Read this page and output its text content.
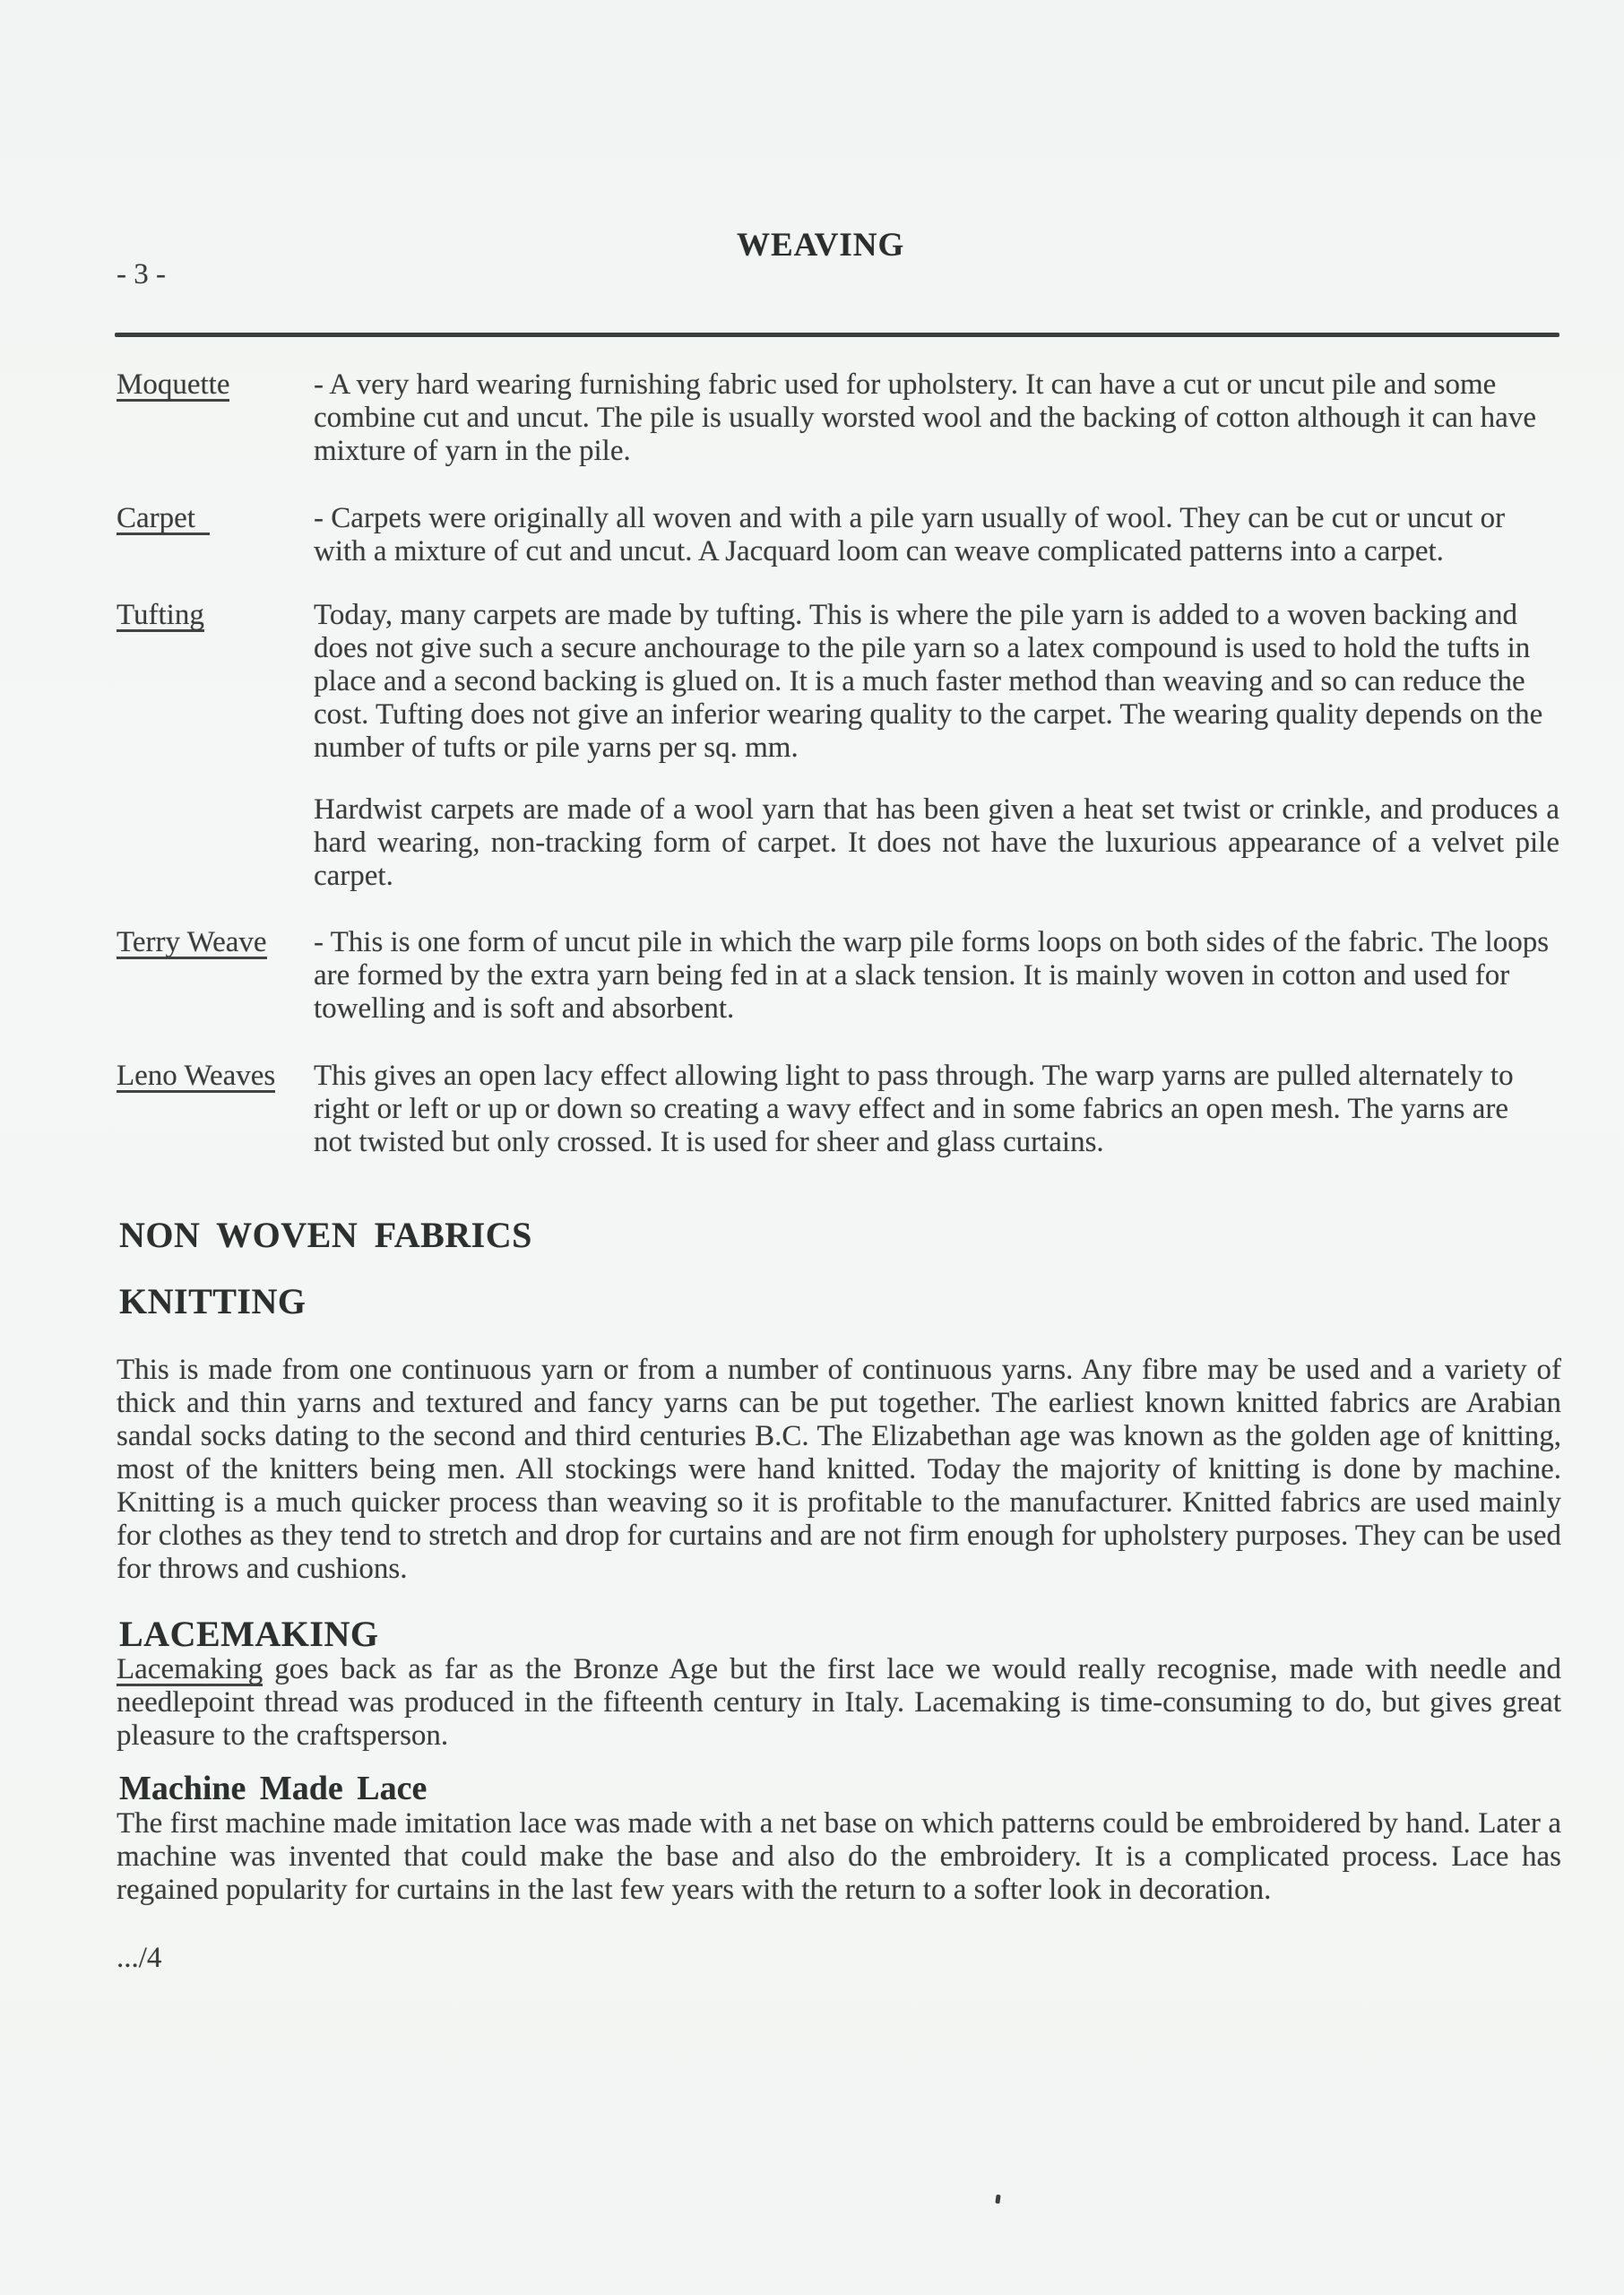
WEAVING
- 3 -
Moquette	- A very hard wearing furnishing fabric used for upholstery. It can have a cut or uncut pile and some combine cut and uncut. The pile is usually worsted wool and the backing of cotton although it can have mixture of yarn in the pile.
Carpet	- Carpets were originally all woven and with a pile yarn usually of wool. They can be cut or uncut or with a mixture of cut and uncut. A Jacquard loom can weave complicated patterns into a carpet.
Tufting	Today, many carpets are made by tufting. This is where the pile yarn is added to a woven backing and does not give such a secure anchourage to the pile yarn so a latex compound is used to hold the tufts in place and a second backing is glued on. It is a much faster method than weaving and so can reduce the cost. Tufting does not give an inferior wearing quality to the carpet. The wearing quality depends on the number of tufts or pile yarns per sq. mm.
Hardwist carpets are made of a wool yarn that has been given a heat set twist or crinkle, and produces a hard wearing, non-tracking form of carpet. It does not have the luxurious appearance of a velvet pile carpet.
Terry Weave	- This is one form of uncut pile in which the warp pile forms loops on both sides of the fabric. The loops are formed by the extra yarn being fed in at a slack tension. It is mainly woven in cotton and used for towelling and is soft and absorbent.
Leno Weaves	This gives an open lacy effect allowing light to pass through. The warp yarns are pulled alternately to right or left or up or down so creating a wavy effect and in some fabrics an open mesh. The yarns are not twisted but only crossed. It is used for sheer and glass curtains.
NON WOVEN FABRICS
KNITTING
This is made from one continuous yarn or from a number of continuous yarns. Any fibre may be used and a variety of thick and thin yarns and textured and fancy yarns can be put together. The earliest known knitted fabrics are Arabian sandal socks dating to the second and third centuries B.C. The Elizabethan age was known as the golden age of knitting, most of the knitters being men. All stockings were hand knitted. Today the majority of knitting is done by machine. Knitting is a much quicker process than weaving so it is profitable to the manufacturer. Knitted fabrics are used mainly for clothes as they tend to stretch and drop for curtains and are not firm enough for upholstery purposes. They can be used for throws and cushions.
LACEMAKING
Lacemaking goes back as far as the Bronze Age but the first lace we would really recognise, made with needle and needlepoint thread was produced in the fifteenth century in Italy. Lacemaking is time-consuming to do, but gives great pleasure to the craftsperson.
Machine Made Lace
The first machine made imitation lace was made with a net base on which patterns could be embroidered by hand. Later a machine was invented that could make the base and also do the embroidery. It is a complicated process. Lace has regained popularity for curtains in the last few years with the return to a softer look in decoration.
.../4
